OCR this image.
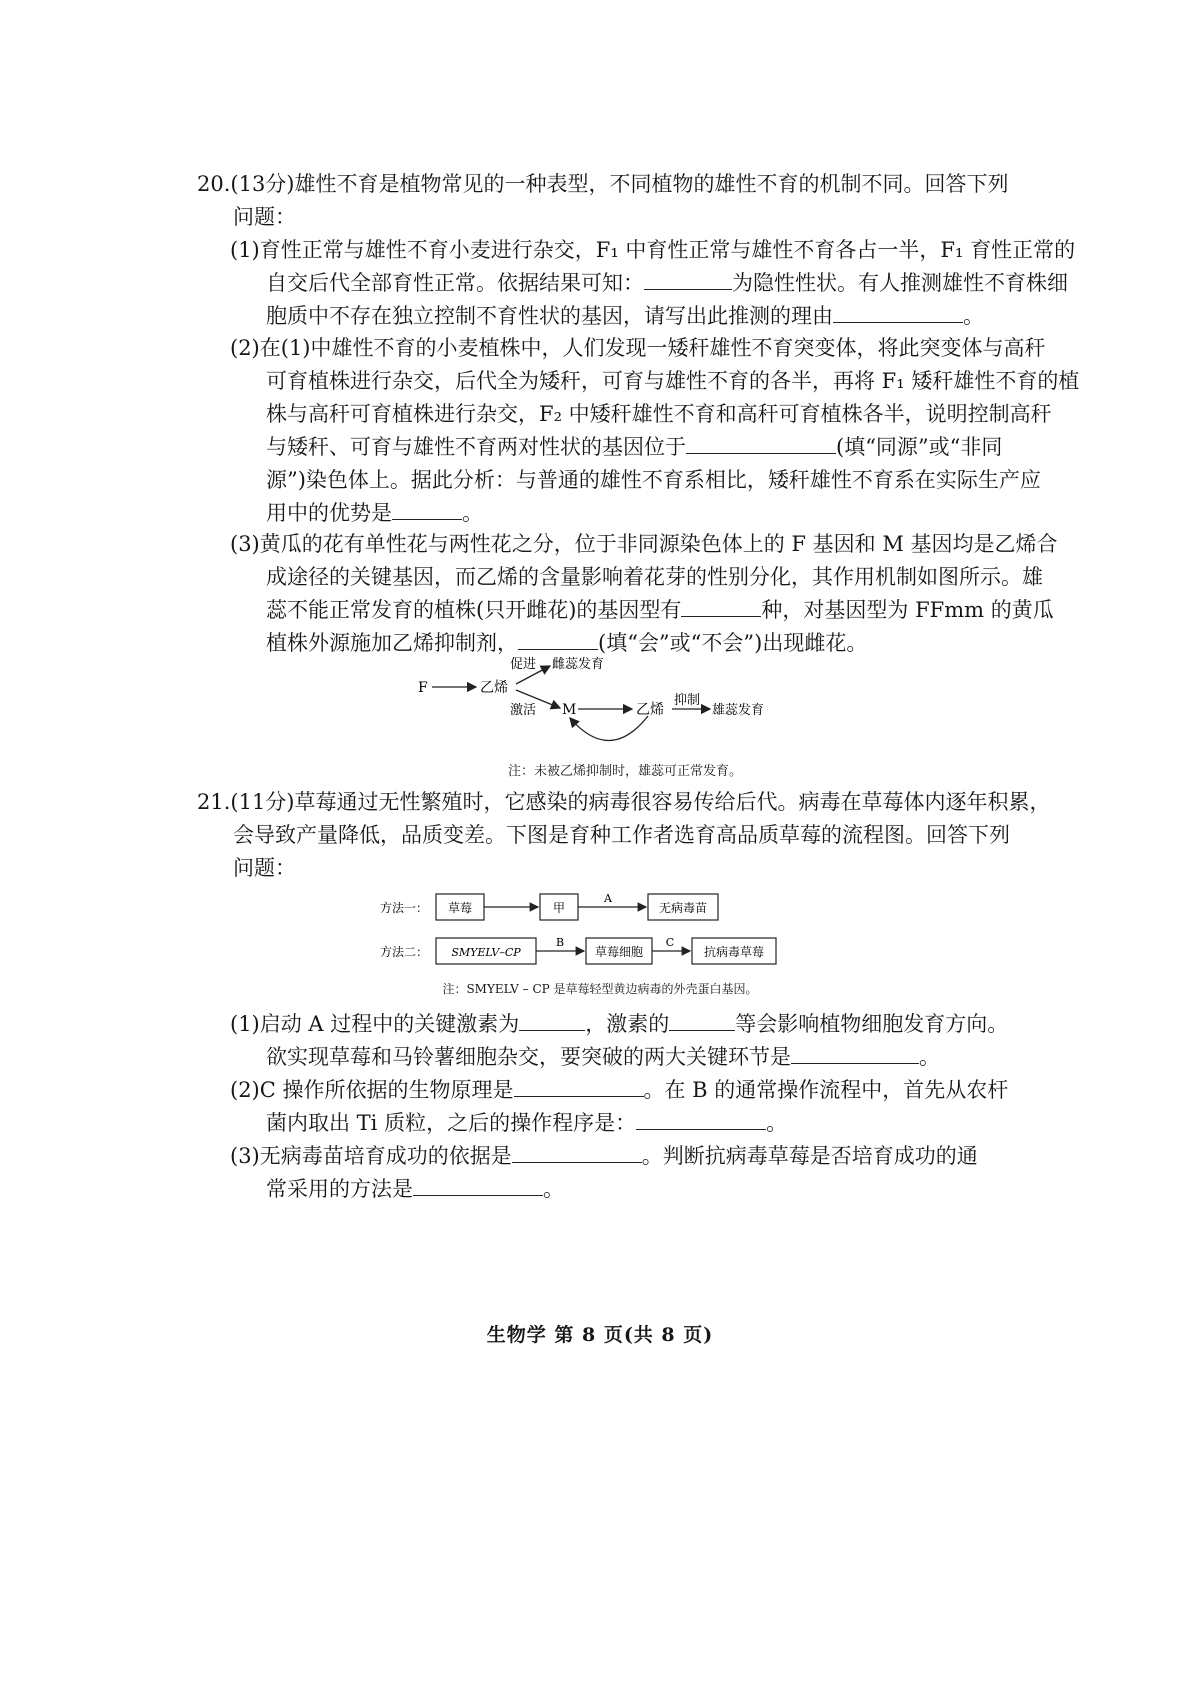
20.(13分)雄性不育是植物常见的一种表型，不同植物的雄性不育的机制不同。回答下列
问题：
(1)育性正常与雄性不育小麦进行杂交，F₁ 中育性正常与雄性不育各占一半，F₁ 育性正常的
自交后代全部育性正常。依据结果可知：	为隐性性状。有人推测雄性不育株细
胞质中不存在独立控制不育性状的基因，请写出此推测的理由	。
(2)在(1)中雄性不育的小麦植株中，人们发现一矮秆雄性不育突变体，将此突变体与高秆
可育植株进行杂交，后代全为矮秆，可育与雄性不育的各半，再将 F₁ 矮秆雄性不育的植
株与高秆可育植株进行杂交，F₂ 中矮秆雄性不育和高秆可育植株各半，说明控制高秆
与矮秆、可育与雄性不育两对性状的基因位于	(填“同源”或“非同
源”)染色体上。据此分析：与普通的雄性不育系相比，矮秆雄性不育系在实际生产应
用中的优势是	。
(3)黄瓜的花有单性花与两性花之分，位于非同源染色体上的 F 基因和 M 基因均是乙烯合
成途径的关键基因，而乙烯的含量影响着花芽的性别分化，其作用机制如图所示。雄
蕊不能正常发育的植株(只开雌花)的基因型有	种，对基因型为 FFmm 的黄瓜
植株外源施加乙烯抑制剂，	(填“会”或“不会”)出现雌花。
F	乙烯
促进 雌蕊发育
激活 M	乙烯
抑制
雄蕊发育
注：未被乙烯抑制时，雄蕊可正常发育。
21.(11分)草莓通过无性繁殖时，它感染的病毒很容易传给后代。病毒在草莓体内逐年积累，
会导致产量降低，品质变差。下图是育种工作者选育高品质草莓的流程图。回答下列
问题：
方法一： 草莓	甲
A
无病毒苗
方法二： SMYELV–CP
B
草莓细胞
C
抗病毒草莓
注：SMYELV – CP 是草莓轻型黄边病毒的外壳蛋白基因。
(1)启动 A 过程中的关键激素为	，激素的	等会影响植物细胞发育方向。
欲实现草莓和马铃薯细胞杂交，要突破的两大关键环节是	。
(2)C 操作所依据的生物原理是	。在 B 的通常操作流程中，首先从农杆
菌内取出 Ti 质粒，之后的操作程序是：	。
(3)无病毒苗培育成功的依据是	。判断抗病毒草莓是否培育成功的通
常采用的方法是	。
生物学 第 8 页(共 8 页)
